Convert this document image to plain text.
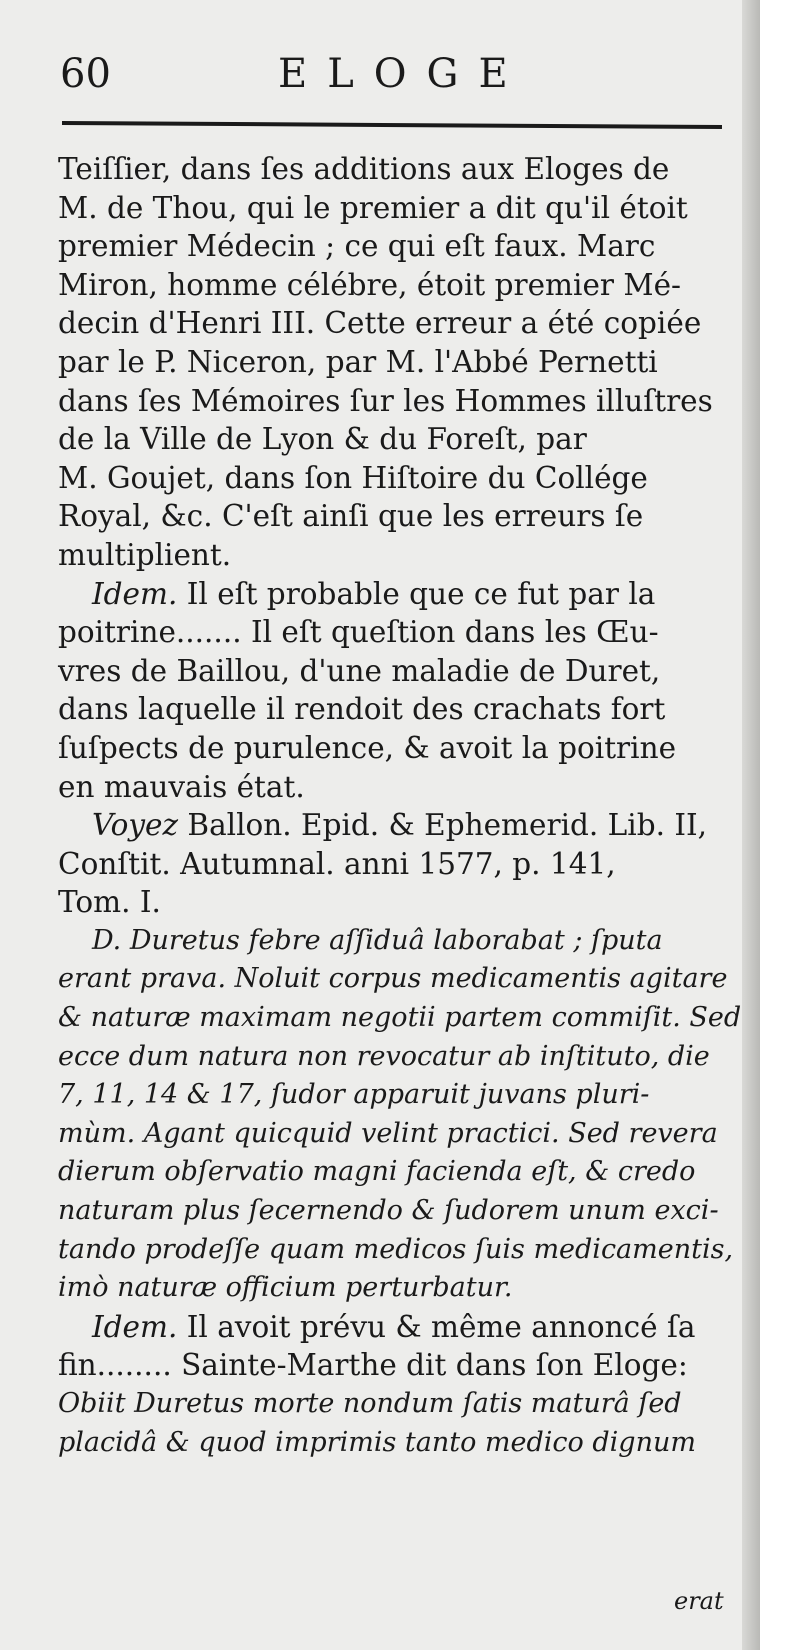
60	ELOGE
Teiſſier, dans ſes additions aux Eloges de
M. de Thou, qui le premier a dit qu'il étoit
premier Médecin ; ce qui eſt faux. Marc
Miron, homme célébre, étoit premier Mé-
decin d'Henri III. Cette erreur a été copiée
par le P. Niceron, par M. l'Abbé Pernetti
dans ſes Mémoires ſur les Hommes illuſtres
de la Ville de Lyon & du Foreſt, par
M. Goujet, dans ſon Hiſtoire du Collége
Royal, &c. C'eſt ainſi que les erreurs ſe
multiplient.
Idem. Il eſt probable que ce fut par la
poitrine....... Il eſt queſtion dans les Œu-
vres de Baillou, d'une maladie de Duret,
dans laquelle il rendoit des crachats fort
ſuſpects de purulence, & avoit la poitrine
en mauvais état.
Voyez Ballon. Epid. & Ephemerid. Lib. II,
Conſtit. Autumnal. anni 1577, p. 141,
Tom. I.
D. Duretus febre aſſiduâ laborabat ; ſputa
erant prava. Noluit corpus medicamentis agitare
& naturæ maximam negotii partem commiſit. Sed
ecce dum natura non revocatur ab inſtituto, die
7, 11, 14 & 17, ſudor apparuit juvans pluri-
mùm. Agant quicquid velint practici. Sed revera
dierum obſervatio magni facienda eſt, & credo
naturam plus ſecernendo & ſudorem unum exci-
tando prodeſſe quam medicos ſuis medicamentis,
imò naturæ officium perturbatur.
Idem. Il avoit prévu & même annoncé ſa
fin........ Sainte-Marthe dit dans ſon Eloge:
Obiit Duretus morte nondum ſatis maturâ ſed
placidâ & quod imprimis tanto medico dignum
erat
